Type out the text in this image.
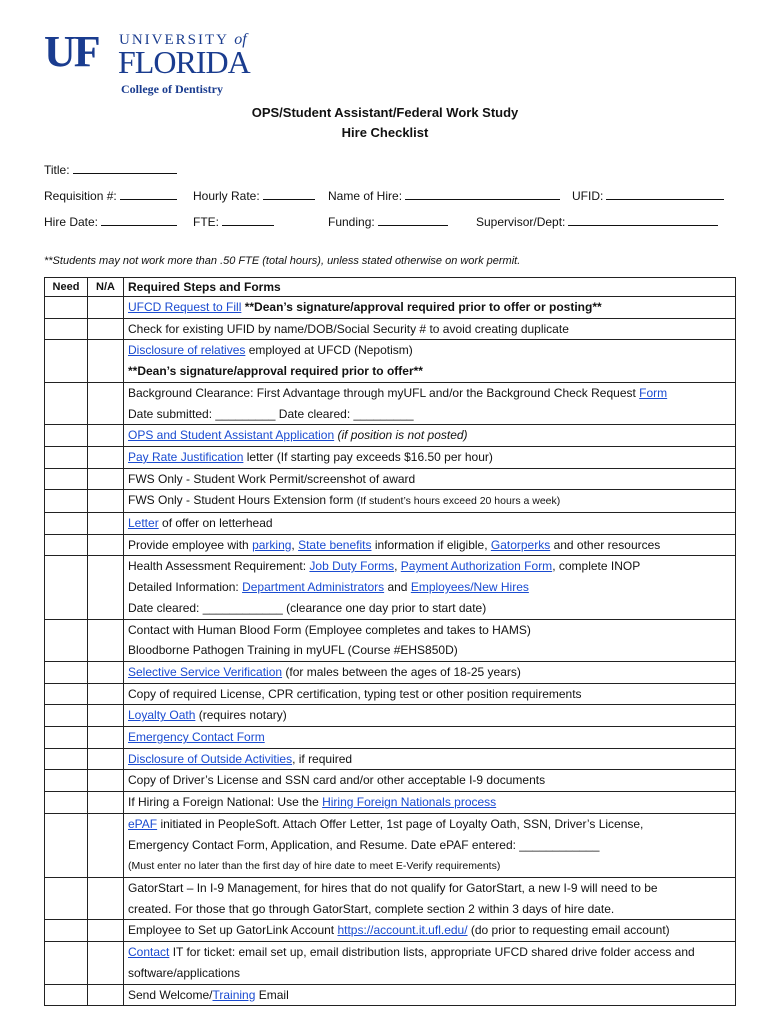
UF UNIVERSITY of
FLORIDA
College of Dentistry
OPS/Student Assistant/Federal Work Study
Hire Checklist
Title:
Requisition #:	Hourly Rate:	Name of Hire:	UFID:
Hire Date:	FTE:	Funding:	Supervisor/Dept:
**Students may not work more than .50 FTE (total hours), unless stated otherwise on work permit.
Need	N/A	Required Steps and Forms

		UFCD Request to Fill **Dean’s signature/approval required prior to offer or posting**

		Check for existing UFID by name/DOB/Social Security # to avoid creating duplicate

		Disclosure of relatives employed at UFCD (Nepotism)
**Dean’s signature/approval required prior to offer**

		Background Clearance: First Advantage through myUFL and/or the Background Check Request Form
Date submitted: _________ Date cleared: _________

		OPS and Student Assistant Application (if position is not posted)

		Pay Rate Justification letter (If starting pay exceeds $16.50 per hour)

		FWS Only - Student Work Permit/screenshot of award

		FWS Only - Student Hours Extension form (If student’s hours exceed 20 hours a week)

		Letter of offer on letterhead

		Provide employee with parking, State benefits information if eligible, Gatorperks and other resources

		Health Assessment Requirement: Job Duty Forms, Payment Authorization Form, complete INOP
Detailed Information: Department Administrators and Employees/New Hires
Date cleared: ____________ (clearance one day prior to start date)

		Contact with Human Blood Form (Employee completes and takes to HAMS)
Bloodborne Pathogen Training in myUFL (Course #EHS850D)

		Selective Service Verification (for males between the ages of 18-25 years)

		Copy of required License, CPR certification, typing test or other position requirements

		Loyalty Oath (requires notary)

		Emergency Contact Form

		Disclosure of Outside Activities, if required

		Copy of Driver’s License and SSN card and/or other acceptable I-9 documents

		If Hiring a Foreign National: Use the Hiring Foreign Nationals process

		ePAF initiated in PeopleSoft. Attach Offer Letter, 1st page of Loyalty Oath, SSN, Driver’s License,
Emergency Contact Form, Application, and Resume. Date ePAF entered: ____________
(Must enter no later than the first day of hire date to meet E-Verify requirements)

		GatorStart – In I-9 Management, for hires that do not qualify for GatorStart, a new I-9 will need to be
created. For those that go through GatorStart, complete section 2 within 3 days of hire date.

		Employee to Set up GatorLink Account https://account.it.ufl.edu/ (do prior to requesting email account)

		Contact IT for ticket: email set up, email distribution lists, appropriate UFCD shared drive folder access and
software/applications

		Send Welcome/Training Email
